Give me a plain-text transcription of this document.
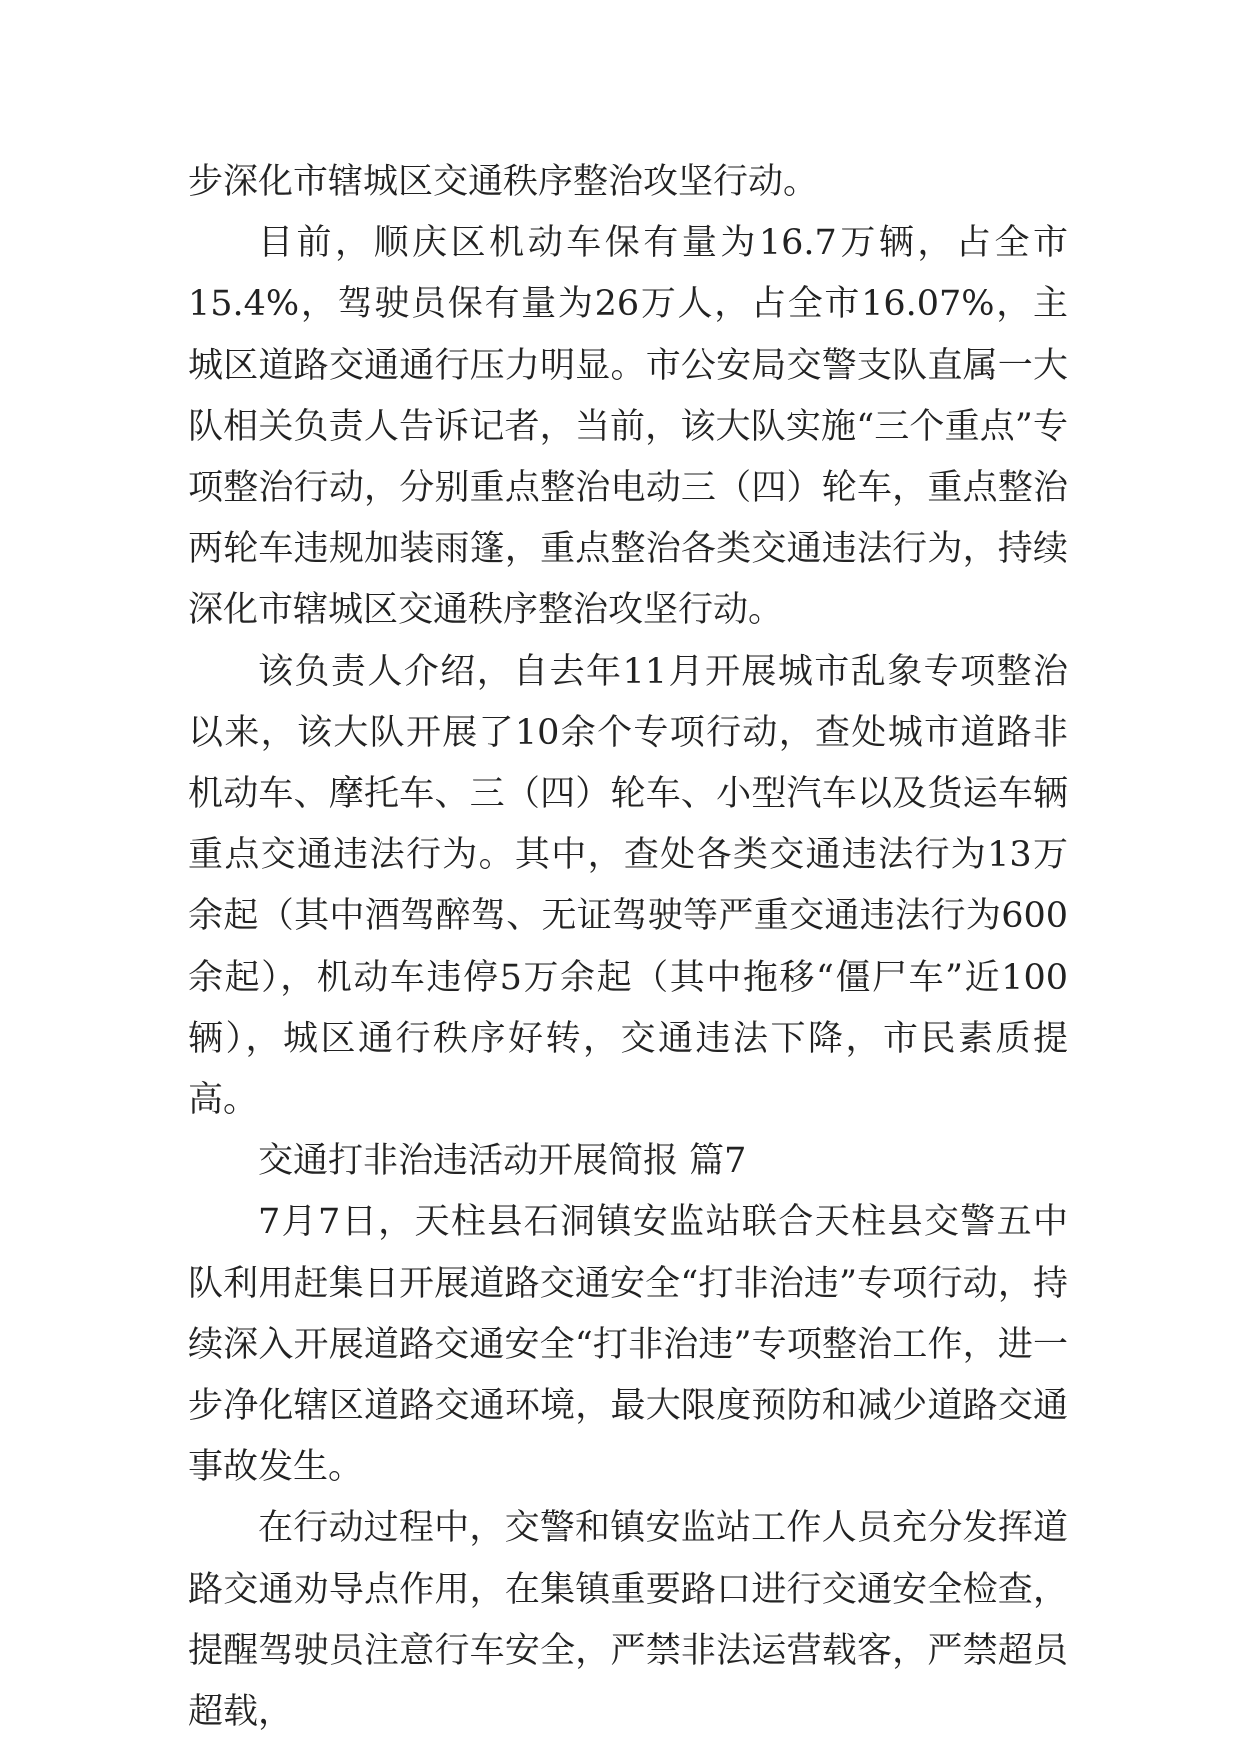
步深化市辖城区交通秩序整治攻坚行动。

目前，顺庆区机动车保有量为16.7万辆，占全市15.4%，驾驶员保有量为26万人，占全市16.07%，主城区道路交通通行压力明显。市公安局交警支队直属一大队相关负责人告诉记者，当前，该大队实施“三个重点”专项整治行动，分别重点整治电动三（四）轮车，重点整治两轮车违规加装雨篷，重点整治各类交通违法行为，持续深化市辖城区交通秩序整治攻坚行动。

该负责人介绍，自去年11月开展城市乱象专项整治以来，该大队开展了10余个专项行动，查处城市道路非机动车、摩托车、三（四）轮车、小型汽车以及货运车辆重点交通违法行为。其中，查处各类交通违法行为13万余起（其中酒驾醉驾、无证驾驶等严重交通违法行为600余起），机动车违停5万余起（其中拖移“僵尸车”近100辆），城区通行秩序好转，交通违法下降，市民素质提高。

交通打非治违活动开展简报 篇7

7月7日，天柱县石洞镇安监站联合天柱县交警五中队利用赶集日开展道路交通安全“打非治违”专项行动，持续深入开展道路交通安全“打非治违”专项整治工作，进一步净化辖区道路交通环境，最大限度预防和减少道路交通事故发生。

在行动过程中，交警和镇安监站工作人员充分发挥道路交通劝导点作用，在集镇重要路口进行交通安全检查，提醒驾驶员注意行车安全，严禁非法运营载客，严禁超员超载，
